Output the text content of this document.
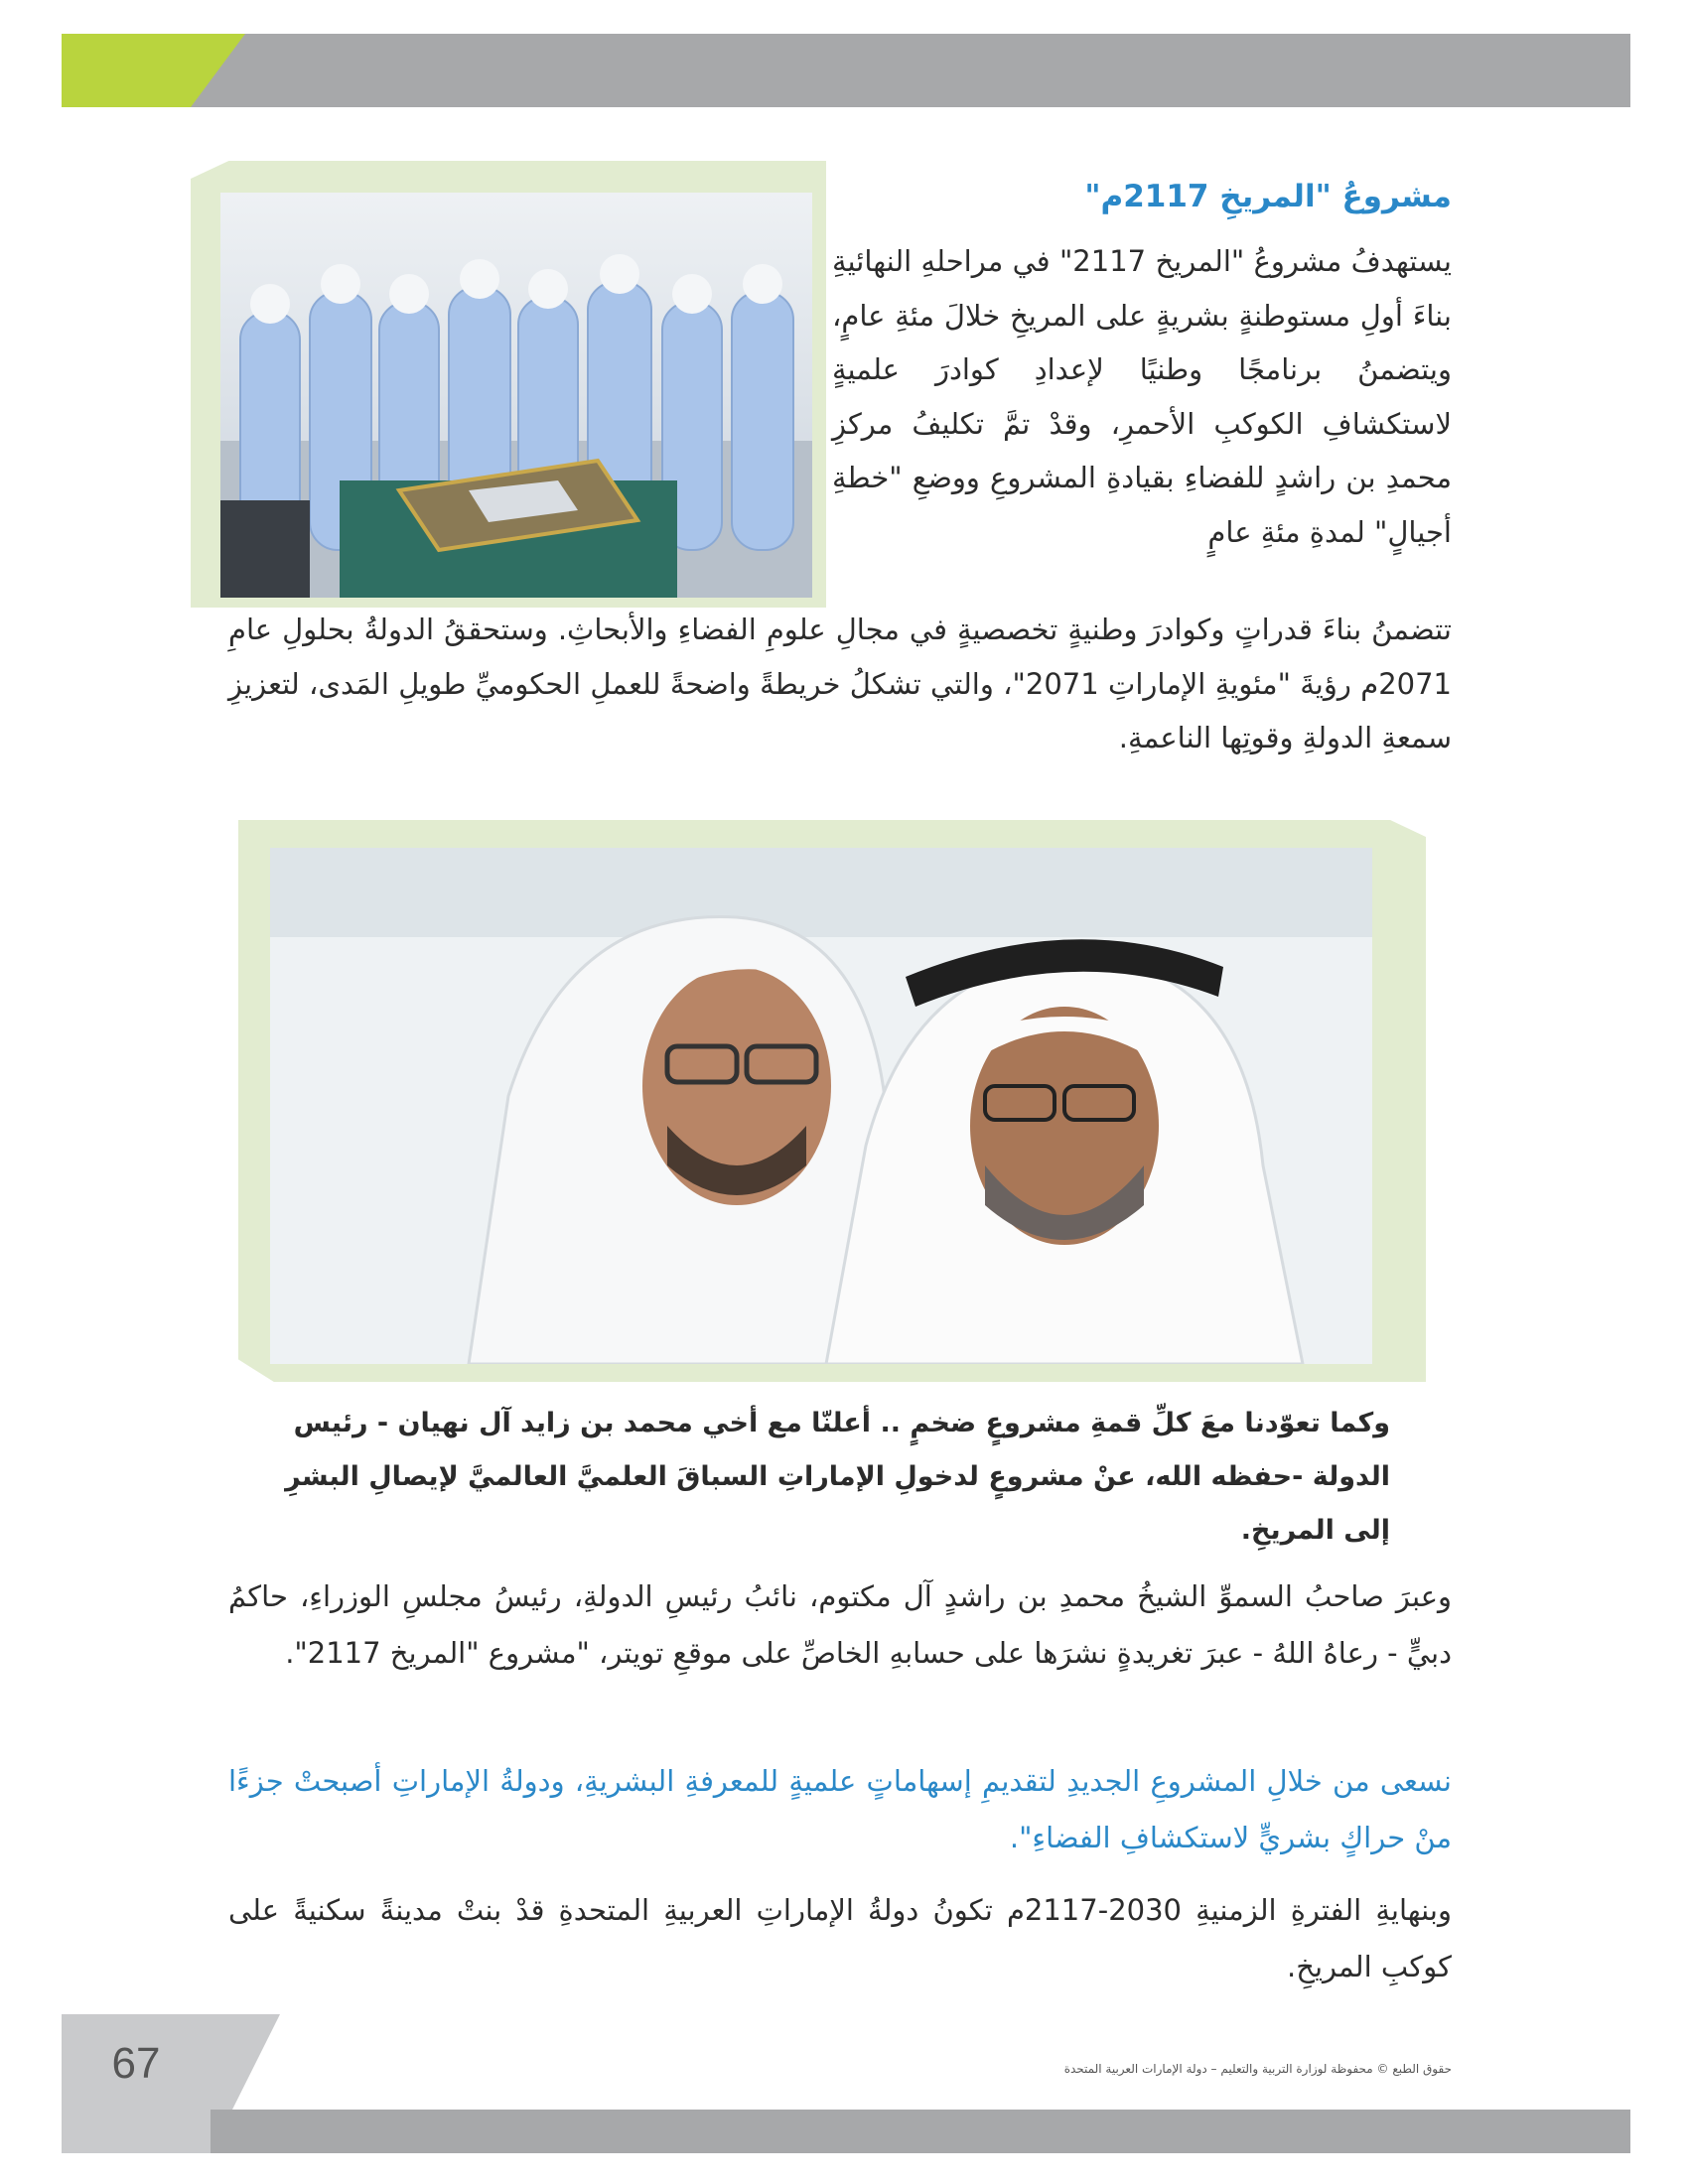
مشروعُ "المريخِ 2117م"
يستهدفُ مشروعُ "المريخ 2117" في مراحلهِ النهائيةِ بناءَ أولِ مستوطنةٍ بشريةٍ على المريخِ خلالَ مئةِ عامٍ، ويتضمنُ برنامجًا وطنيًا لإعدادِ كوادرَ علميةٍ لاستكشافِ الكوكبِ الأحمرِ، وقدْ تمَّ تكليفُ مركزِ محمدِ بن راشدٍ للفضاءِ بقيادةِ المشروعِ ووضعِ "خطةِ أجيالٍ" لمدةِ مئةِ عامٍ
تتضمنُ بناءَ قدراتٍ وكوادرَ وطنيةٍ تخصصيةٍ في مجالِ علومِ الفضاءِ والأبحاثِ. وستحققُ الدولةُ بحلولِ عامِ 2071م رؤيةَ "مئويةِ الإماراتِ 2071"، والتي تشكلُ خريطةً واضحةً للعملِ الحكوميِّ طويلِ المَدى، لتعزيزِ سمعةِ الدولةِ وقوتِها الناعمةِ.
وكما تعوّدنا معَ كلِّ قمةِ مشروعٍ ضخمٍ .. أعلنّا مع أخي محمد بن زايد آل نهيان - رئيس الدولة -حفظه الله، عنْ مشروعٍ لدخولِ الإماراتِ السباقَ العلميَّ العالميَّ لإيصالِ البشرِ إلى المريخِ.
وعبرَ صاحبُ السموِّ الشيخُ محمدِ بن راشدٍ آل مكتوم، نائبُ رئيسِ الدولةِ، رئيسُ مجلسِ الوزراءِ، حاكمُ دبيٍّ - رعاهُ اللهُ - عبرَ تغريدةٍ نشرَها على حسابهِ الخاصِّ على موقعِ تويتر، "مشروع "المريخ 2117".
نسعى من خلالِ المشروعِ الجديدِ لتقديمِ إسهاماتٍ علميةٍ للمعرفةِ البشريةِ، ودولةُ الإماراتِ أصبحتْ جزءًا منْ حراكٍ بشريٍّ لاستكشافِ الفضاءِ".
وبنهايةِ الفترةِ الزمنيةِ 2030-2117م تكونُ دولةُ الإماراتِ العربيةِ المتحدةِ قدْ بنتْ مدينةً سكنيةً على كوكبِ المريخِ.
67	حقوق الطبع © محفوظة لوزارة التربية والتعليم – دولة الإمارات العربية المتحدة
